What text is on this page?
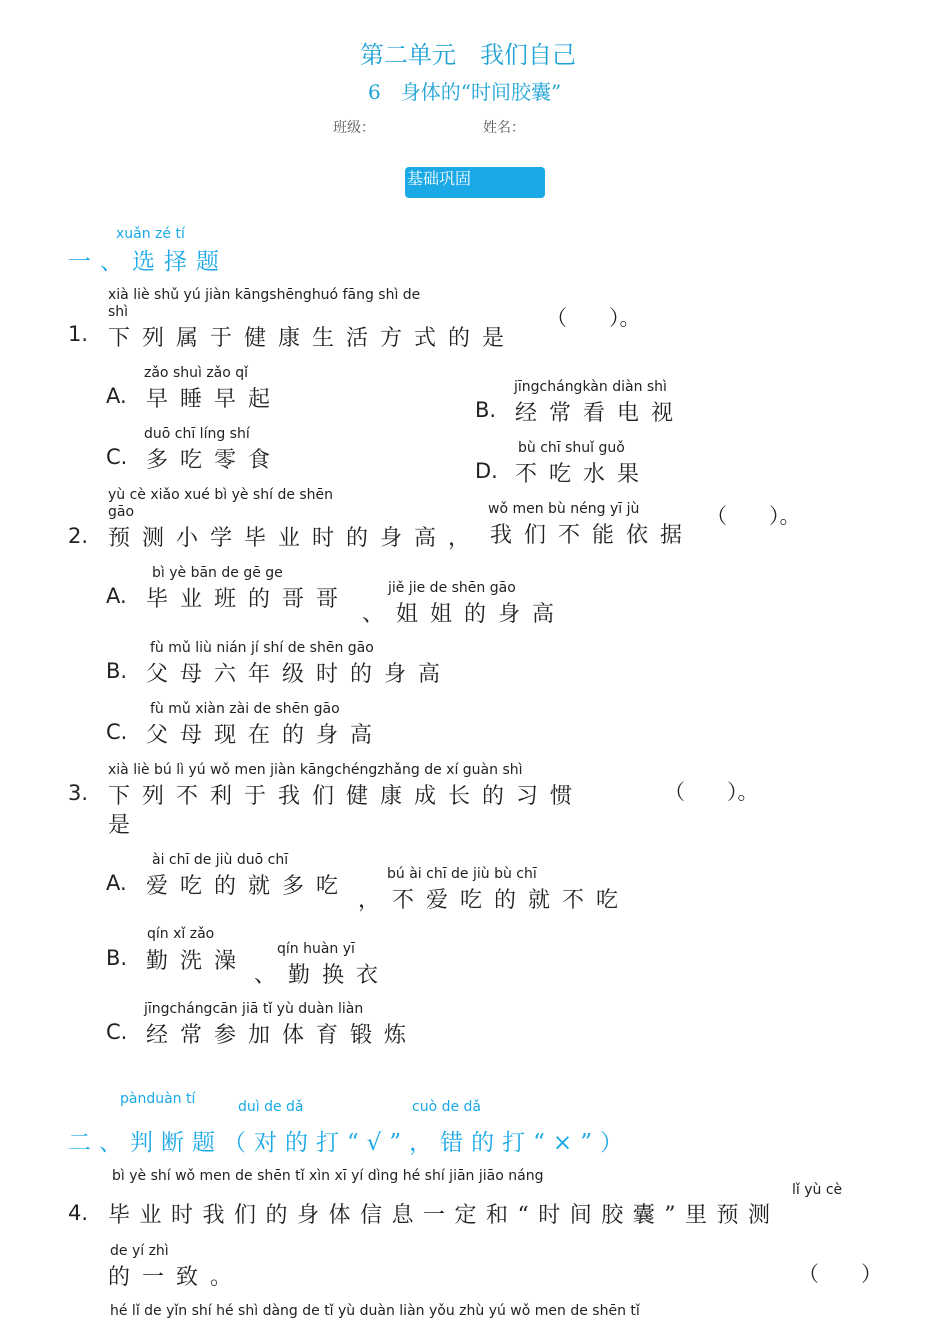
第二单元　我们自己
6　身体的“时间胶囊”
班级：	姓名：
基础巩固
xuǎn zé tí
一、选择题
xià liè shǔ yú jiàn kāngshēnghuó fāng shì de
shì
1. 下列属于健康生活方式的是
（　　）。
zǎo shuì zǎo qǐ
A. 早睡早起	jīngchángkàn diàn shì
B. 经常看电视
duō chī líng shí
C. 多吃零食	bù chī shuǐ guǒ
D. 不吃水果
yù cè xiǎo xué bì yè shí de shēn
gāo
2. 预测小学毕业时的身高，
wǒ men bù néng yī jù
我们不能依据
（　　）。
bì yè bān de gē ge
A. 毕业班的哥哥	jiě jie de shēn gāo
、姐姐的身高
fù mǔ liù nián jí shí de shēn gāo
B. 父母六年级时的身高
fù mǔ xiàn zài de shēn gāo
C. 父母现在的身高
xià liè bú lì yú wǒ men jiàn kāngchéngzhǎng de xí guàn shì
3. 下列不利于我们健康成长的习惯
是
（　　）。
ài chī de jiù duō chī
A. 爱吃的就多吃	bú ài chī de jiù bù chī
，不爱吃的就不吃
qín xǐ zǎo
B. 勤洗澡 qín huàn yī
、勤换衣
jīngchángcān jiā tǐ yù duàn liàn
C. 经常参加体育锻炼
pànduàn tí	duì de dǎ	cuò de dǎ
二、判断题（对的打“√”，错的打“×”）
bì yè shí wǒ men de shēn tǐ xìn xī yí dìng hé shí jiān jiāo náng
lǐ yù cè
4. 毕业时我们的身体信息一定和“时间胶囊”里预测
de yí zhì
的一致。	（　　）
hé lǐ de yǐn shí hé shì dàng de tǐ yù duàn liàn yǒu zhù yú wǒ men de shēn tǐ
